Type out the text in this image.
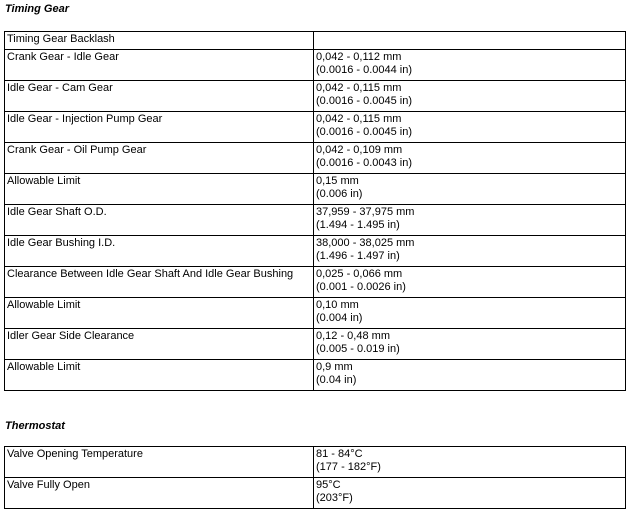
Timing Gear
Timing Gear Backlash	
Crank Gear - Idle Gear	0,042 - 0,112 mm
(0.0016 - 0.0044 in)

Idle Gear - Cam Gear	0,042 - 0,115 mm
(0.0016 - 0.0045 in)

Idle Gear - Injection Pump Gear	0,042 - 0,115 mm
(0.0016 - 0.0045 in)

Crank Gear - Oil Pump Gear	0,042 - 0,109 mm
(0.0016 - 0.0043 in)

Allowable Limit	0,15 mm
(0.006 in)

Idle Gear Shaft O.D.	37,959 - 37,975 mm
(1.494 - 1.495 in)

Idle Gear Bushing I.D.	38,000 - 38,025 mm
(1.496 - 1.497 in)

Clearance Between Idle Gear Shaft And Idle Gear Bushing	0,025 - 0,066 mm
(0.001 - 0.0026 in)

Allowable Limit	0,10 mm
(0.004 in)

Idler Gear Side Clearance	0,12 - 0,48 mm
(0.005 - 0.019 in)

Allowable Limit	0,9 mm
(0.04 in)
Thermostat
Valve Opening Temperature	81 - 84°C
(177 - 182°F)

Valve Fully Open	95°C
(203°F)
